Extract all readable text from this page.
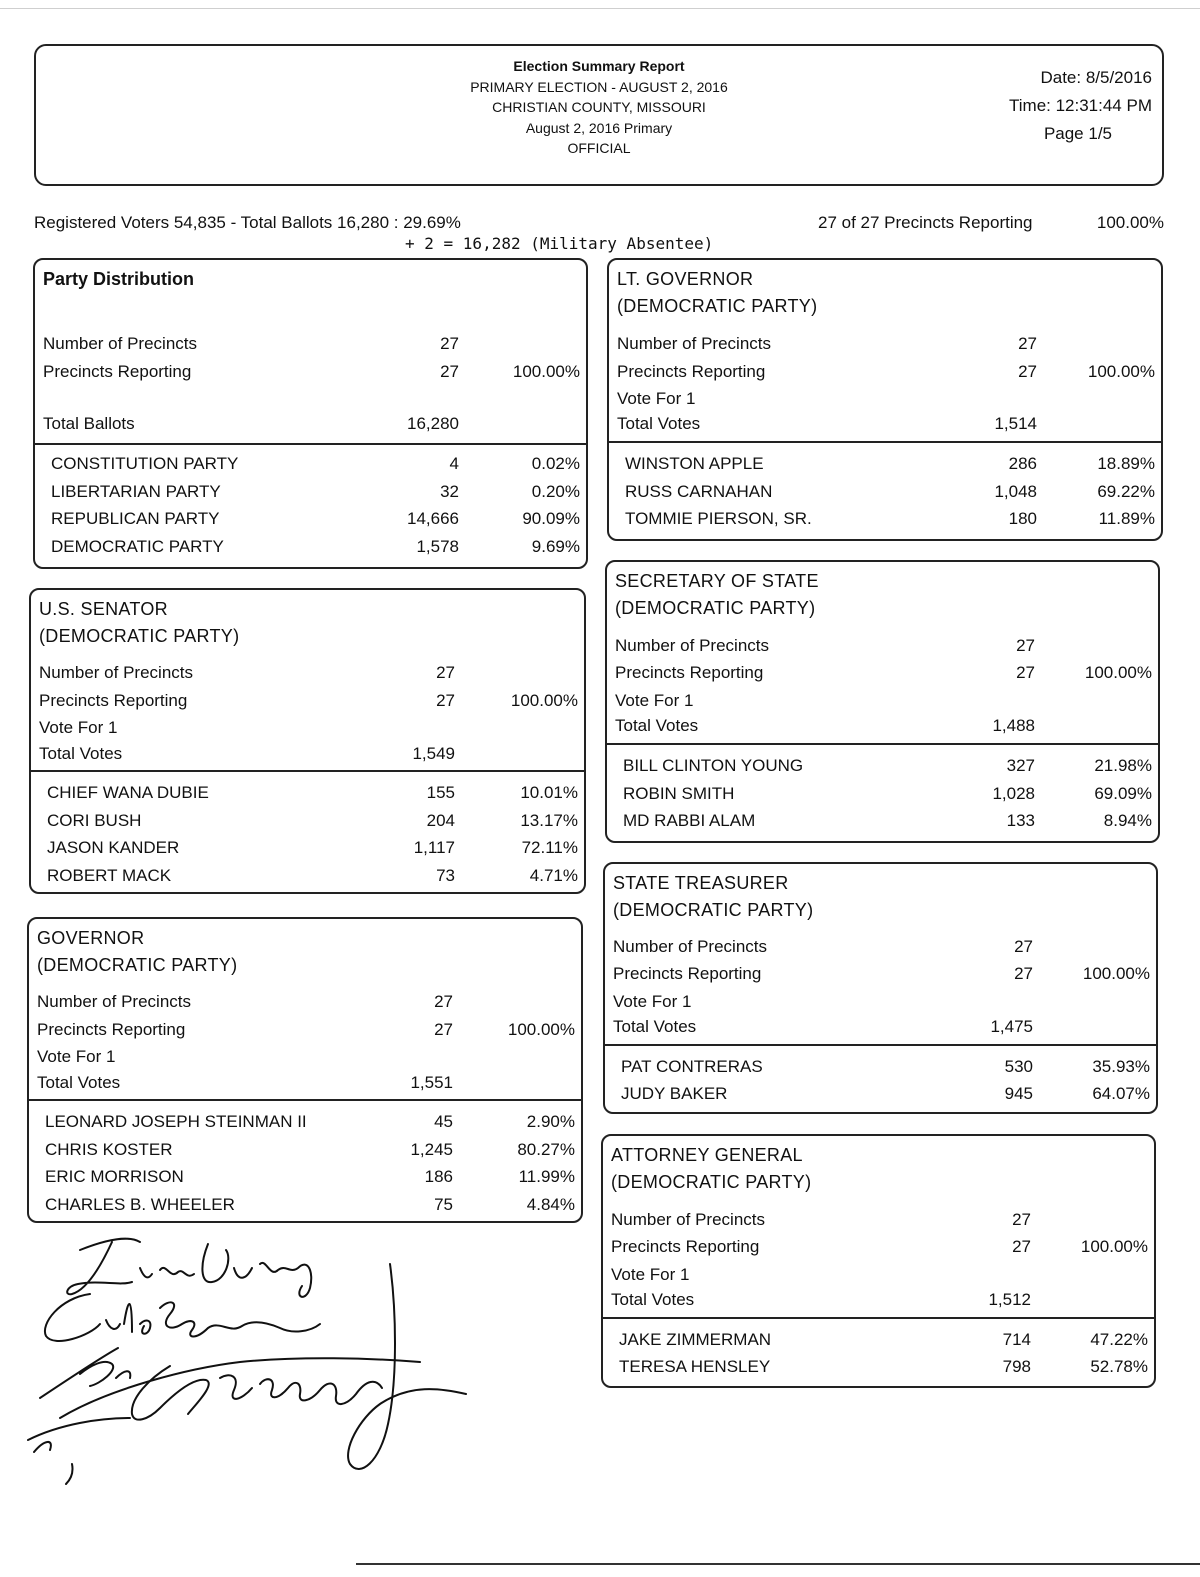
Election Summary Report
PRIMARY ELECTION - AUGUST 2, 2016
CHRISTIAN COUNTY, MISSOURI
August 2, 2016 Primary
OFFICIAL
Date: 8/5/2016
Time: 12:31:44 PM
Page 1/5
Registered Voters 54,835 - Total Ballots 16,280 : 29.69%	27 of 27 Precincts Reporting	100.00%
+ 2 = 16,282 (Military Absentee)
Party Distribution
Number of Precincts	27
Precincts Reporting	27	100.00%
Total Ballots	16,280
CONSTITUTION PARTY	4	0.02%
LIBERTARIAN PARTY	32	0.20%
REPUBLICAN PARTY	14,666	90.09%
DEMOCRATIC PARTY	1,578	9.69%
U.S. SENATOR
(DEMOCRATIC PARTY)
Number of Precincts	27
Precincts Reporting	27	100.00%
Vote For 1
Total Votes	1,549
CHIEF WANA DUBIE	155	10.01%
CORI BUSH	204	13.17%
JASON KANDER	1,117	72.11%
ROBERT MACK	73	4.71%
GOVERNOR
(DEMOCRATIC PARTY)
Number of Precincts	27
Precincts Reporting	27	100.00%
Vote For 1
Total Votes	1,551
LEONARD JOSEPH STEINMAN II	45	2.90%
CHRIS KOSTER	1,245	80.27%
ERIC MORRISON	186	11.99%
CHARLES B. WHEELER	75	4.84%
LT. GOVERNOR
(DEMOCRATIC PARTY)
Number of Precincts	27
Precincts Reporting	27	100.00%
Vote For 1
Total Votes	1,514
WINSTON APPLE	286	18.89%
RUSS CARNAHAN	1,048	69.22%
TOMMIE PIERSON, SR.	180	11.89%
SECRETARY OF STATE
(DEMOCRATIC PARTY)
Number of Precincts	27
Precincts Reporting	27	100.00%
Vote For 1
Total Votes	1,488
BILL CLINTON YOUNG	327	21.98%
ROBIN SMITH	1,028	69.09%
MD RABBI ALAM	133	8.94%
STATE TREASURER
(DEMOCRATIC PARTY)
Number of Precincts	27
Precincts Reporting	27	100.00%
Vote For 1
Total Votes	1,475
PAT CONTRERAS	530	35.93%
JUDY BAKER	945	64.07%
ATTORNEY GENERAL
(DEMOCRATIC PARTY)
Number of Precincts	27
Precincts Reporting	27	100.00%
Vote For 1
Total Votes	1,512
JAKE ZIMMERMAN	714	47.22%
TERESA HENSLEY	798	52.78%
